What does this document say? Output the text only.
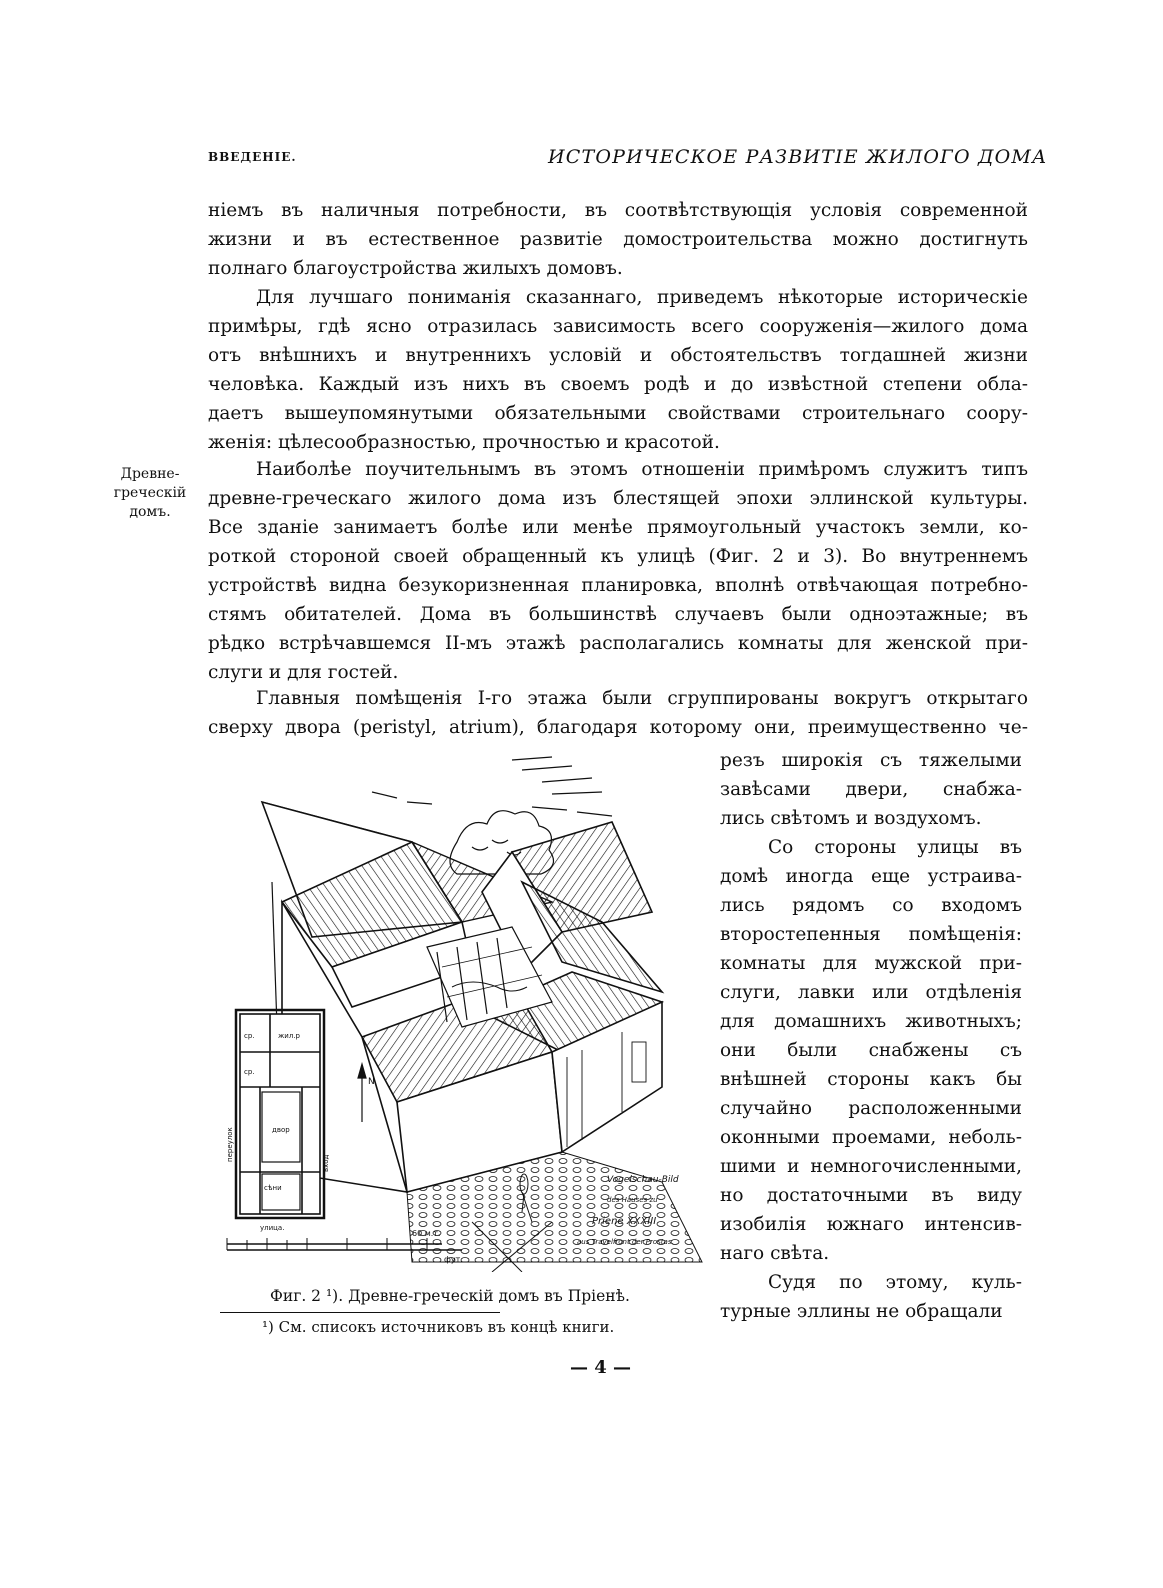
ВВЕДЕНІЕ.	ИСТОРИЧЕСКОЕ РАЗВИТІЕ ЖИЛОГО ДОМА
Древне-
греческій
домъ.
ніемъ въ наличныя потребности, въ соотвѣтствующія условія современной
жизни и въ естественное развитіе домостроительства можно достигнуть
полнаго благоустройства жилыхъ домовъ.
Для лучшаго пониманія сказаннаго, приведемъ нѣкоторые историческіе
примѣры, гдѣ ясно отразилась зависимость всего сооруженія—жилого дома
отъ внѣшнихъ и внутреннихъ условій и обстоятельствъ тогдашней жизни
человѣка. Каждый изъ нихъ въ своемъ родѣ и до извѣстной степени обла-
даетъ вышеупомянутыми обязательными свойствами строительнаго соору-
женія: цѣлесообразностью, прочностью и красотой.
Наиболѣе поучительнымъ въ этомъ отношеніи примѣромъ служитъ типъ
древне-греческаго жилого дома изъ блестящей эпохи эллинской культуры.
Все зданіе занимаетъ болѣе или менѣе прямоугольный участокъ земли, ко-
роткой стороной своей обращенный къ улицѣ (Фиг. 2 и 3). Во внутреннемъ
устройствѣ видна безукоризненная планировка, вполнѣ отвѣчающая потребно-
стямъ обитателей. Дома въ большинствѣ случаевъ были одноэтажные; въ
рѣдко встрѣчавшемся II-мъ этажѣ располагались комнаты для женской при-
слуги и для гостей.
Главныя помѣщенія I-го этажа были сгруппированы вокругъ открытаго
сверху двора (peristyl, atrium), благодаря которому они, преимущественно че-
резъ широкія съ тяжелыми
завѣсами двери, снабжа-
лись свѣтомъ и воздухомъ.
Со стороны улицы въ
домѣ иногда еще устраива-
лись рядомъ со входомъ
второстепенныя помѣщенія:
комнаты для мужской при-
слуги, лавки или отдѣленія
для домашнихъ животныхъ;
они были снабжены съ
внѣшней стороны какъ бы
случайно расположенными
оконными проемами, неболь-
шими и немногочисленными,
но достаточными въ виду
изобилія южнаго интенсив-
наго свѣта.
Судя по этому, куль-
турные эллины не обращали
ср.	жил.р
ср.
двор
сѣни
улица.
переулок
вход
N
60 м.т.
фут.
Vogelschau-Bild
des Hauses zu
Priene XXXIII
aus Travelfront der Prostas.
Фиг. 2 ¹). Древне-греческій домъ въ Пріенѣ.
¹) См. списокъ источниковъ въ концѣ книги.
— 4 —
